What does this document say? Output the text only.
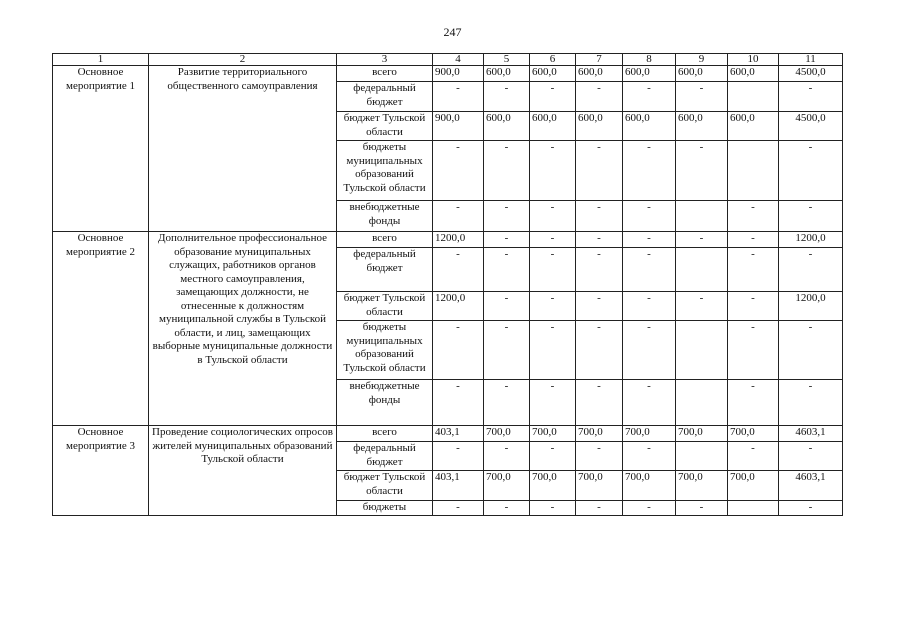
247
1	2	3	4	5	6	7	8	9	10	11
Основное мероприятие 1	Развитие территориального общественного самоуправления	всего	900,0	600,0	600,0	600,0	600,0	600,0	600,0	4500,0
		федеральный бюджет	-	-	-	-	-	-		-
		бюджет Тульской области	900,0	600,0	600,0	600,0	600,0	600,0	600,0	4500,0
		бюджеты муниципальных образований Тульской области	-	-	-	-	-	-		-
		внебюджетные фонды	-	-	-	-	-		-	-
Основное мероприятие 2	Дополнительное профессиональное образование муниципальных служащих, работников органов местного самоуправления, замещающих должности, не отнесенные к должностям муниципальной службы в Тульской области, и лиц, замещающих выборные муниципальные должности в Тульской области	всего	1200,0	-	-	-	-	-	-	1200,0
		федеральный бюджет	-	-	-	-	-		-	-
		бюджет Тульской области	1200,0	-	-	-	-	-	-	1200,0
		бюджеты муниципальных образований Тульской области	-	-	-	-	-		-	-
		внебюджетные фонды	-	-	-	-	-		-	-
Основное мероприятие 3	Проведение социологических опросов жителей муниципальных образований Тульской области	всего	403,1	700,0	700,0	700,0	700,0	700,0	700,0	4603,1
		федеральный бюджет	-	-	-	-	-		-	-
		бюджет Тульской области	403,1	700,0	700,0	700,0	700,0	700,0	700,0	4603,1
		бюджеты	-	-	-	-	-	-		-
